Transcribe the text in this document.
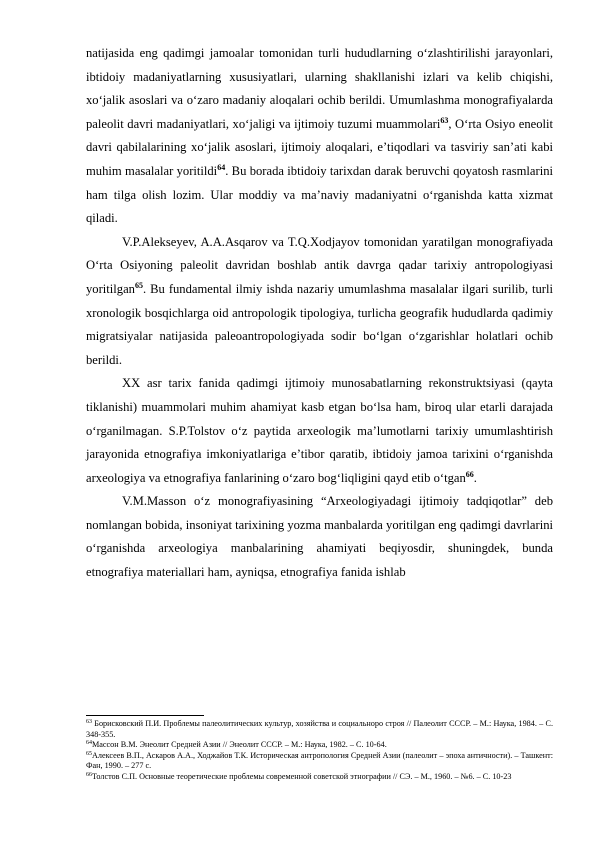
natijasida eng qadimgi jamoalar tomonidan turli hududlarning o‘zlashtirilishi jarayonlari, ibtidoiy madaniyatlarning xususiyatlari, ularning shakllanishi izlari va kelib chiqishi, xo‘jalik asoslari va o‘zaro madaniy aloqalari ochib berildi. Umumlashma monografiyalarda paleolit davri madaniyatlari, xo‘jaligi va ijtimoiy tuzumi muammolari$^{63}$, O‘rta Osiyo eneolit davri qabilalarining xo‘jalik asoslari, ijtimoiy aloqalari, e’tiqodlari va tasviriy san’ati kabi muhim masalalar yoritildi$^{64}$. Bu borada ibtidoiy tarixdan darak beruvchi qoyatosh rasmlarini ham tilga olish lozim. Ular moddiy va ma’naviy madaniyatni o‘rganishda katta xizmat qiladi.

V.P.Alekseyev, A.A.Asqarov va T.Q.Xodjayov tomonidan yaratilgan monografiyada O‘rta Osiyoning paleolit davridan boshlab antik davrga qadar tarixiy antropologiyasi yoritilgan$^{65}$. Bu fundamental ilmiy ishda nazariy umumlashma masalalar ilgari surilib, turli xronologik bosqichlarga oid antropologik tipologiya, turlicha geografik hududlarda qadimiy migratsiyalar natijasida paleoantropologiyada sodir bo‘lgan o‘zgarishlar holatlari ochib berildi.

XX asr tarix fanida qadimgi ijtimoiy munosabatlarning rekonstruktsiyasi (qayta tiklanishi) muammolari muhim ahamiyat kasb etgan bo‘lsa ham, biroq ular etarli darajada o‘rganilmagan. S.P.Tolstov o‘z paytida arxeologik ma’lumotlarni tarixiy umumlashtirish jarayonida etnografiya imkoniyatlariga e’tibor qaratib, ibtidoiy jamoa tarixini o‘rganishda arxeologiya va etnografiya fanlarining o‘zaro bog‘liqligini qayd etib o‘tgan$^{66}$.

V.M.Masson o‘z monografiyasining “Arxeologiyadagi ijtimoiy tadqiqotlar” deb nomlangan bobida, insoniyat tarixining yozma manbalarda yoritilgan eng qadimgi davrlarini o‘rganishda arxeologiya manbalarining ahamiyati beqiyosdir, shuningdek, bunda etnografiya materiallari ham, ayniqsa, etnografiya fanida ishlab

$^{63}$ Борисковский П.И. Проблемы палеолитических культур, хозяйства и социальноро строя // Палеолит СССР. – М.: Наука, 1984. – С. 348-355.

$^{64}$Массон В.М. Энеолит Средней Азии // Энеолит СССР. – М.: Наука, 1982. – С. 10-64.

$^{65}$Алексеев В.П., Аскаров А.А., Ходжайов Т.К. Историческая антропология Средней Азии (палеолит – эпоха античности). – Ташкент: Фан, 1990. – 277 с.

$^{66}$Толстов С.П. Основные теоретические проблемы современной советской этнографии // СЭ. – М., 1960. – №6. – С. 10-23
